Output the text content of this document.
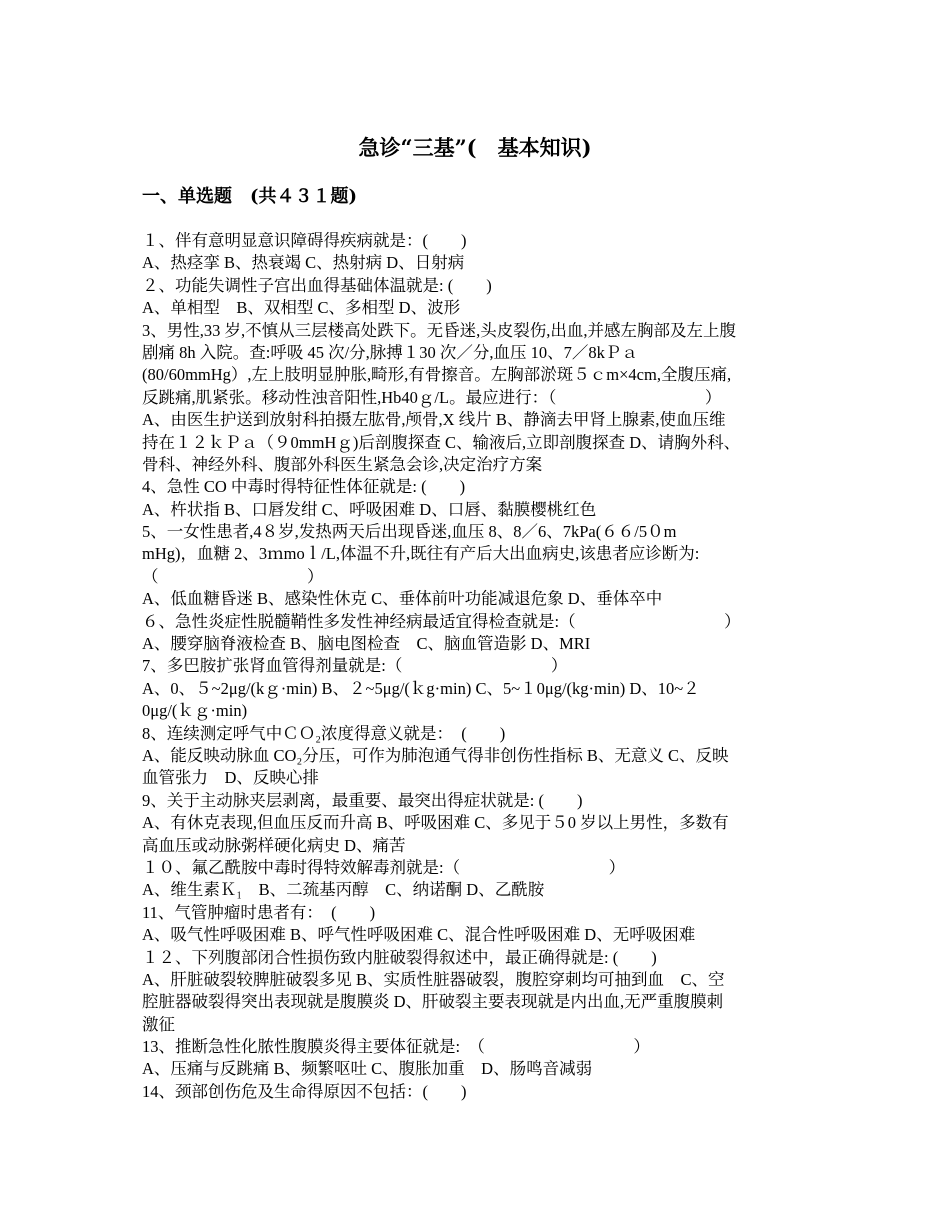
急诊“三基”(　基本知识)
一、单选题　(共４３１题)
１、伴有意明显意识障碍得疾病就是：(　　)
A、热痉挛 B、热衰竭 C、热射病 D、日射病
２、功能失调性子宫出血得基础体温就是: (　　)
A、单相型　B、双相型 C、多相型 D、波形
3、男性,33 岁,不慎从三层楼高处跌下。无昏迷,头皮裂伤,出血,并感左胸部及左上腹
剧痛 8h 入院。查:呼吸 45 次/分,脉搏１30 次／分,血压 10、7／8kＰａ
(80/60mmHg）,左上肢明显肿胀,畸形,有骨擦音。左胸部淤斑５ｃm×4cm,全腹压痛,
反跳痛,肌紧张。移动性浊音阳性,Hb40ｇ/L。最应进行：（　　　　　　　　　）
A、由医生护送到放射科拍摄左肱骨,颅骨,X 线片 B、静滴去甲肾上腺素,使血压维
持在１２ｋＰａ（９0mmHｇ)后剖腹探查 C、输液后,立即剖腹探查 D、请胸外科、
骨科、神经外科、腹部外科医生紧急会诊,决定治疗方案
4、急性 CO 中毒时得特征性体征就是: (　　)
A、杵状指 B、口唇发绀 C、呼吸困难 D、口唇、黏膜樱桃红色
5、一女性患者,4８岁,发热两天后出现昏迷,血压 8、8／6、7kPa(６６/5０m
mHg)，血糖 2、3ｍmoｌ/L,体温不升,既往有产后大出血病史,该患者应诊断为:
（　　　　　　　　　）
A、低血糖昏迷 B、感染性休克 C、垂体前叶功能减退危象 D、垂体卒中
６、急性炎症性脱髓鞘性多发性神经病最适宜得检查就是:（　　　　　　　　　）
A、腰穿脑脊液检查 B、脑电图检查　C、脑血管造影 D、MRI
7、多巴胺扩张肾血管得剂量就是:（　　　　　　　　　）
A、0、５~2μg/(kｇ·min) B、２~5μg/(ｋg·min) C、5~１0μg/(kg·min) D、10~２
0μg/(ｋｇ·min)
8、连续测定呼气中ＣＯ₂浓度得意义就是：　(　　)
A、能反映动脉血 CO₂分压，可作为肺泡通气得非创伤性指标 B、无意义 C、反映
血管张力　D、反映心排
9、关于主动脉夹层剥离，最重要、最突出得症状就是: (　　)
A、有休克表现,但血压反而升高 B、呼吸困难 C、多见于５0 岁以上男性，多数有
高血压或动脉粥样硬化病史 D、痛苦
１０、氟乙酰胺中毒时得特效解毒剂就是:（　　　　　　　　　）
A、维生素Ｋ₁　B、二巯基丙醇　C、纳诺酮 D、乙酰胺
11、气管肿瘤时患者有：　(　　)
A、吸气性呼吸困难 B、呼气性呼吸困难 C、混合性呼吸困难 D、无呼吸困难
１２、下列腹部闭合性损伤致内脏破裂得叙述中，最正确得就是: (　　)
A、肝脏破裂较脾脏破裂多见 B、实质性脏器破裂，腹腔穿刺均可抽到血　C、空
腔脏器破裂得突出表现就是腹膜炎 D、肝破裂主要表现就是内出血,无严重腹膜刺
激征
13、推断急性化脓性腹膜炎得主要体征就是:　（　　　　　　　　　）
A、压痛与反跳痛 B、频繁呕吐 C、腹胀加重　D、肠鸣音减弱
14、颈部创伤危及生命得原因不包括：(　　)
